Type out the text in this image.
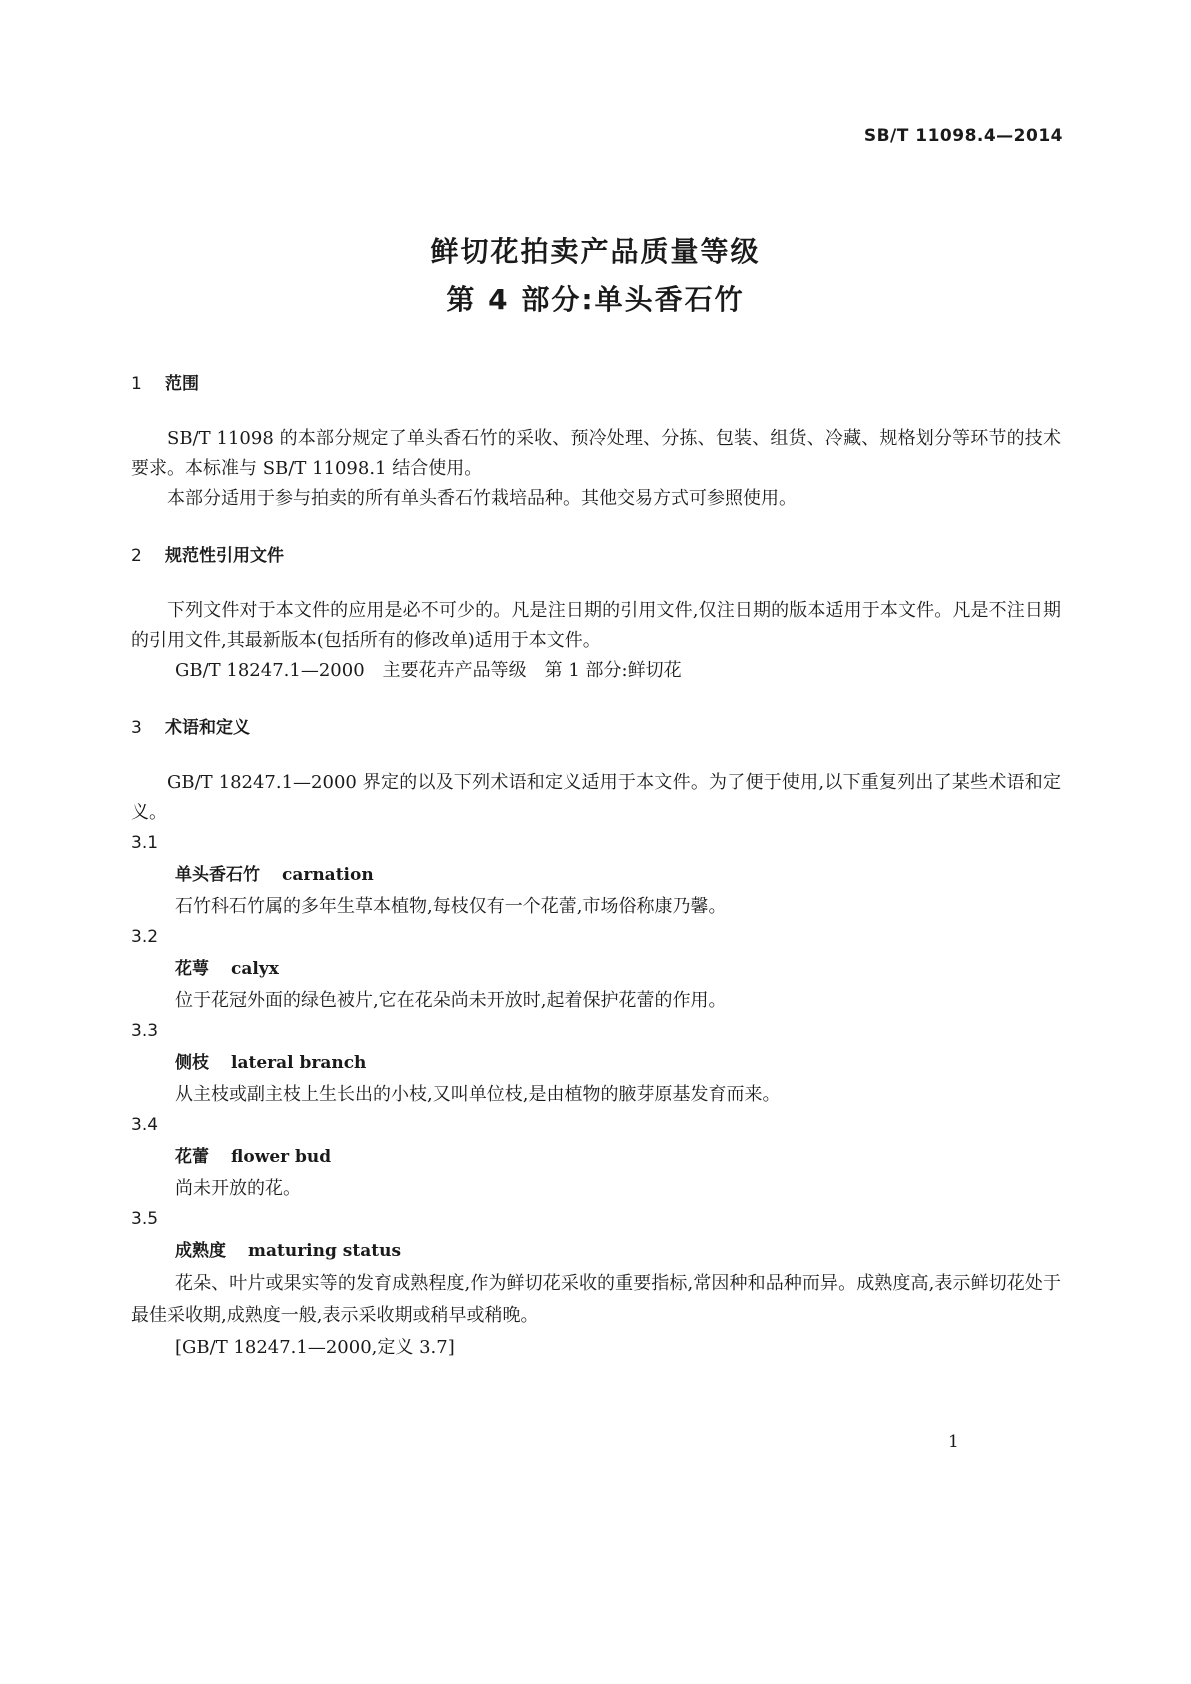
SB/T 11098.4—2014
鲜切花拍卖产品质量等级
第 4 部分:单头香石竹
1 范围

SB/T 11098 的本部分规定了单头香石竹的采收、预冷处理、分拣、包装、组货、冷藏、规格划分等环节的技术要求。本标准与 SB/T 11098.1 结合使用。

本部分适用于参与拍卖的所有单头香石竹栽培品种。其他交易方式可参照使用。

2 规范性引用文件

下列文件对于本文件的应用是必不可少的。凡是注日期的引用文件,仅注日期的版本适用于本文件。凡是不注日期的引用文件,其最新版本(包括所有的修改单)适用于本文件。

GB/T 18247.1—2000　主要花卉产品等级　第 1 部分:鲜切花
3 术语和定义

GB/T 18247.1—2000 界定的以及下列术语和定义适用于本文件。为了便于使用,以下重复列出了某些术语和定义。

3.1
单头香石竹 carnation
石竹科石竹属的多年生草本植物,每枝仅有一个花蕾,市场俗称康乃馨。
3.2
花萼 calyx
位于花冠外面的绿色被片,它在花朵尚未开放时,起着保护花蕾的作用。
3.3
侧枝 lateral branch
从主枝或副主枝上生长出的小枝,又叫单位枝,是由植物的腋芽原基发育而来。
3.4
花蕾 flower bud
尚未开放的花。
3.5
成熟度 maturing status
花朵、叶片或果实等的发育成熟程度,作为鲜切花采收的重要指标,常因种和品种而异。成熟度高,表示鲜切花处于最佳采收期,成熟度一般,表示采收期或稍早或稍晚。
[GB/T 18247.1—2000,定义 3.7]
1
